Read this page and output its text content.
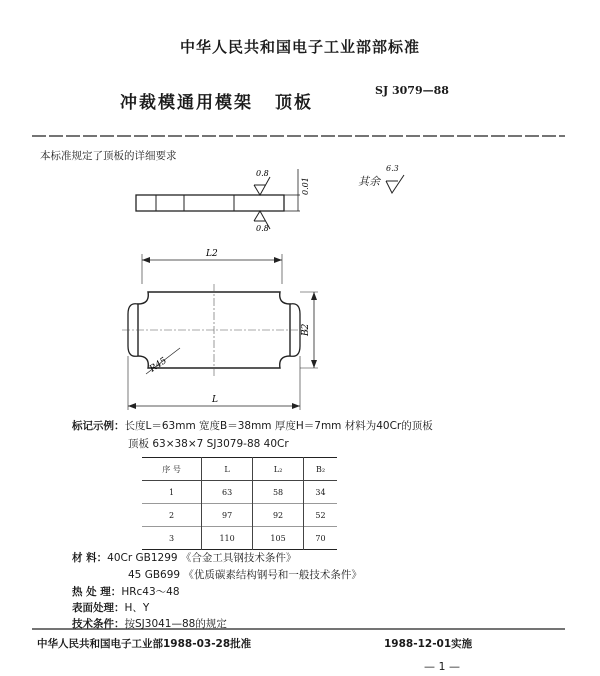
中华人民共和国电子工业部部标准
冲裁模通用模架 顶板
SJ 3079—88
本标准规定了顶板的详细要求
0.8
0.8
0.01	其余
6.3
L2
B2
R45
L
标记示例：长度L＝63mm 宽度B＝38mm 厚度H＝7mm 材料为40Cr的顶板
顶板 63×38×7 SJ3079-88 40Cr
序 号	L	L₂	B₂
1	63	58	34
2	97	92	52
3	110	105	70
材 料：40Cr GB1299 《合金工具钢技术条件》
45 GB699 《优质碳素结构钢号和一般技术条件》
热 处 理：HRc43～48
表面处理：H、Y
技术条件：按SJ3041—88的规定
中华人民共和国电子工业部1988-03-28批准	1988-12-01实施
— 1 —
